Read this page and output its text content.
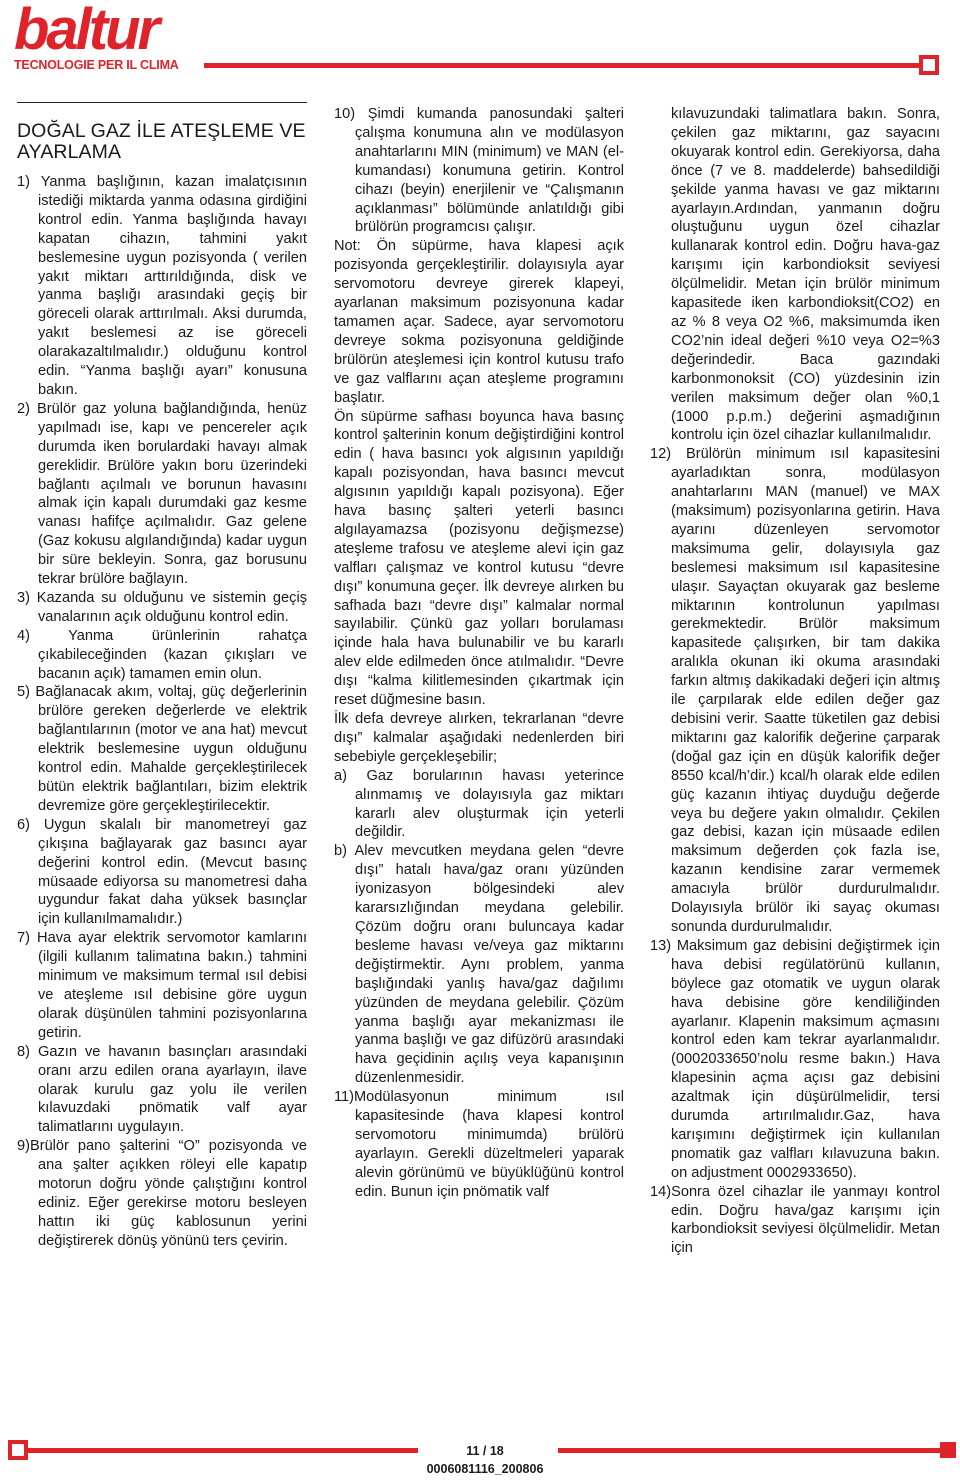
baltur
TECNOLOGIE PER IL CLIMA
DOĞAL GAZ İLE ATEŞLEME VE AYARLAMA

1) Yanma başlığının, kazan imalatçısının istediği miktarda yanma odasına girdiğini kontrol edin. Yanma başlığında havayı kapatan cihazın, tahmini yakıt beslemesine uygun pozisyonda ( verilen yakıt miktarı arttırıldığında, disk ve yanma başlığı arasındaki geçiş bir göreceli olarak arttırılmalı. Aksi durumda, yakıt beslemesi az ise göreceli olarakazaltılmalıdır.) olduğunu kontrol edin. “Yanma başlığı ayarı” konusuna bakın.

2) Brülör gaz yoluna bağlandığında, henüz yapılmadı ise, kapı ve pencereler açık durumda iken borulardaki havayı almak gereklidir. Brülöre yakın boru üzerindeki bağlantı açılmalı ve borunun havasını almak için kapalı durumdaki gaz kesme vanası hafifçe açılmalıdır. Gaz gelene (Gaz kokusu algılandığında) kadar uygun bir süre bekleyin. Sonra, gaz borusunu tekrar brülöre bağlayın.

3) Kazanda su olduğunu ve sistemin geçiş vanalarının açık olduğunu kontrol edin.

4) Yanma ürünlerinin rahatça çıkabileceğinden (kazan çıkışları ve bacanın açık) tamamen emin olun.

5) Bağlanacak akım, voltaj, güç değerlerinin brülöre gereken değerlerde ve elektrik bağlantılarının (motor ve ana hat) mevcut elektrik beslemesine uygun olduğunu kontrol edin. Mahalde gerçekleştirilecek bütün elektrik bağlantıları, bizim elektrik devremize göre gerçekleştirilecektir.

6) Uygun skalalı bir manometreyi gaz çıkışına bağlayarak gaz basıncı ayar değerini kontrol edin. (Mevcut basınç müsaade ediyorsa su manometresi daha uygundur fakat daha yüksek basınçlar için kullanılmamalıdır.)

7) Hava ayar elektrik servomotor kamlarını (ilgili kullanım talimatına bakın.) tahmini minimum ve maksimum termal ısıl debisi ve ateşleme ısıl debisine göre uygun olarak düşünülen tahmini pozisyonlarına getirin.

8) Gazın ve havanın basınçları arasındaki oranı arzu edilen orana ayarlayın, ilave olarak kurulu gaz yolu ile verilen kılavuzdaki pnömatik valf ayar talimatlarını uygulayın.

9)Brülör pano şalterini “O” pozisyonda ve ana şalter açıkken röleyi elle kapatıp motorun doğru yönde çalıştığını kontrol ediniz. Eğer gerekirse motoru besleyen hattın iki güç kablosunun yerini değiştirerek dönüş yönünü ters çevirin.

10) Şimdi kumanda panosundaki şalteri çalışma konumuna alın ve modülasyon anahtarlarını MIN (minimum) ve MAN (el-kumandası) konumuna getirin. Kontrol cihazı (beyin) enerjilenir ve “Çalışmanın açıklanması” bölümünde anlatıldığı gibi brülörün programcısı çalışır.

Not: Ön süpürme, hava klapesi açık pozisyonda gerçekleştirilir. dolayısıyla ayar servomotoru devreye girerek klapeyi, ayarlanan maksimum pozisyonuna kadar tamamen açar. Sadece, ayar servomotoru devreye sokma pozisyonuna geldiğinde brülörün ateşlemesi için kontrol kutusu trafo ve gaz valflarını açan ateşleme programını başlatır.

Ön süpürme safhası boyunca hava basınç kontrol şalterinin konum değiştirdiğini kontrol edin ( hava basıncı yok algısının yapıldığı kapalı pozisyondan, hava basıncı mevcut algısının yapıldığı kapalı pozisyona). Eğer hava basınç şalteri yeterli basıncı algılayamazsa (pozisyonu değişmezse) ateşleme trafosu ve ateşleme alevi için gaz valfları çalışmaz ve kontrol kutusu “devre dışı” konumuna geçer. İlk devreye alırken bu safhada bazı “devre dışı” kalmalar normal sayılabilir. Çünkü gaz yolları borulaması içinde hala hava bulunabilir ve bu kararlı alev elde edilmeden önce atılmalıdır. “Devre dışı “kalma kilitlemesinden çıkartmak için reset düğmesine basın.

İlk defa devreye alırken, tekrarlanan “devre dışı” kalmalar aşağıdaki nedenlerden biri sebebiyle gerçekleşebilir;

a) Gaz borularının havası yeterince alınmamış ve dolayısıyla gaz miktarı kararlı alev oluşturmak için yeterli değildir.

b) Alev mevcutken meydana gelen “devre dışı” hatalı hava/gaz oranı yüzünden iyonizasyon bölgesindeki alev kararsızlığından meydana gelebilir. Çözüm doğru oranı buluncaya kadar besleme havası ve/veya gaz miktarını değiştirmektir. Aynı problem, yanma başlığındaki yanlış hava/gaz dağılımı yüzünden de meydana gelebilir. Çözüm yanma başlığı ayar mekanizması ile yanma başlığı ve gaz difüzörü arasındaki hava geçidinin açılış veya kapanışının düzenlenmesidir.

11)Modülasyonun minimum ısıl kapasitesinde (hava klapesi kontrol servomotoru minimumda) brülörü ayarlayın. Gerekli düzeltmeleri yaparak alevin görünümü ve büyüklüğünü kontrol edin. Bunun için pnömatik valf

kılavuzundaki talimatlara bakın. Sonra, çekilen gaz miktarını, gaz sayacını okuyarak kontrol edin. Gerekiyorsa, daha önce (7 ve 8. maddelerde) bahsedildiği şekilde yanma havası ve gaz miktarını ayarlayın.Ardından, yanmanın doğru oluştuğunu uygun özel cihazlar kullanarak kontrol edin. Doğru hava-gaz karışımı için karbondioksit seviyesi ölçülmelidir. Metan için brülör minimum kapasitede iken karbondioksit(CO2) en az % 8 veya O2 %6, maksimumda iken CO2’nin ideal değeri %10 veya O2=%3 değerindedir. Baca gazındaki karbonmonoksit (CO) yüzdesinin izin verilen maksimum değer olan %0,1 (1000 p.p.m.) değerini aşmadığının kontrolu için özel cihazlar kullanılmalıdır.

12) Brülörün minimum ısıl kapasitesini ayarladıktan sonra, modülasyon anahtarlarını MAN (manuel) ve MAX (maksimum) pozisyonlarına getirin. Hava ayarını düzenleyen servomotor maksimuma gelir, dolayısıyla gaz beslemesi maksimum ısıl kapasitesine ulaşır. Sayaçtan okuyarak gaz besleme miktarının kontrolunun yapılması gerekmektedir. Brülör maksimum kapasitede çalışırken, bir tam dakika aralıkla okunan iki okuma arasındaki farkın altmış dakikadaki değeri için altmış ile çarpılarak elde edilen değer gaz debisini verir. Saatte tüketilen gaz debisi miktarını gaz kalorifik değerine çarparak (doğal gaz için en düşük kalorifik değer 8550 kcal/h’dir.) kcal/h olarak elde edilen güç kazanın ihtiyaç duyduğu değerde veya bu değere yakın olmalıdır. Çekilen gaz debisi, kazan için müsaade edilen maksimum değerden çok fazla ise, kazanın kendisine zarar vermemek amacıyla brülör durdurulmalıdır. Dolayısıyla brülör iki sayaç okuması sonunda durdurulmalıdır.

13) Maksimum gaz debisini değiştirmek için hava debisi regülatörünü kullanın, böylece gaz otomatik ve uygun olarak hava debisine göre kendiliğinden ayarlanır. Klapenin maksimum açmasını kontrol eden kam tekrar ayarlanmalıdır. (0002033650’nolu resme bakın.) Hava klapesinin açma açısı gaz debisini azaltmak için düşürülmelidir, tersi durumda artırılmalıdır.Gaz, hava karışımını değiştirmek için kullanılan pnomatik gaz valfları kılavuzuna bakın. on adjustment 0002933650).

14)Sonra özel cihazlar ile yanmayı kontrol edin. Doğru hava/gaz karışımı için karbondioksit seviyesi ölçülmelidir. Metan için

11 / 18
0006081116_200806
